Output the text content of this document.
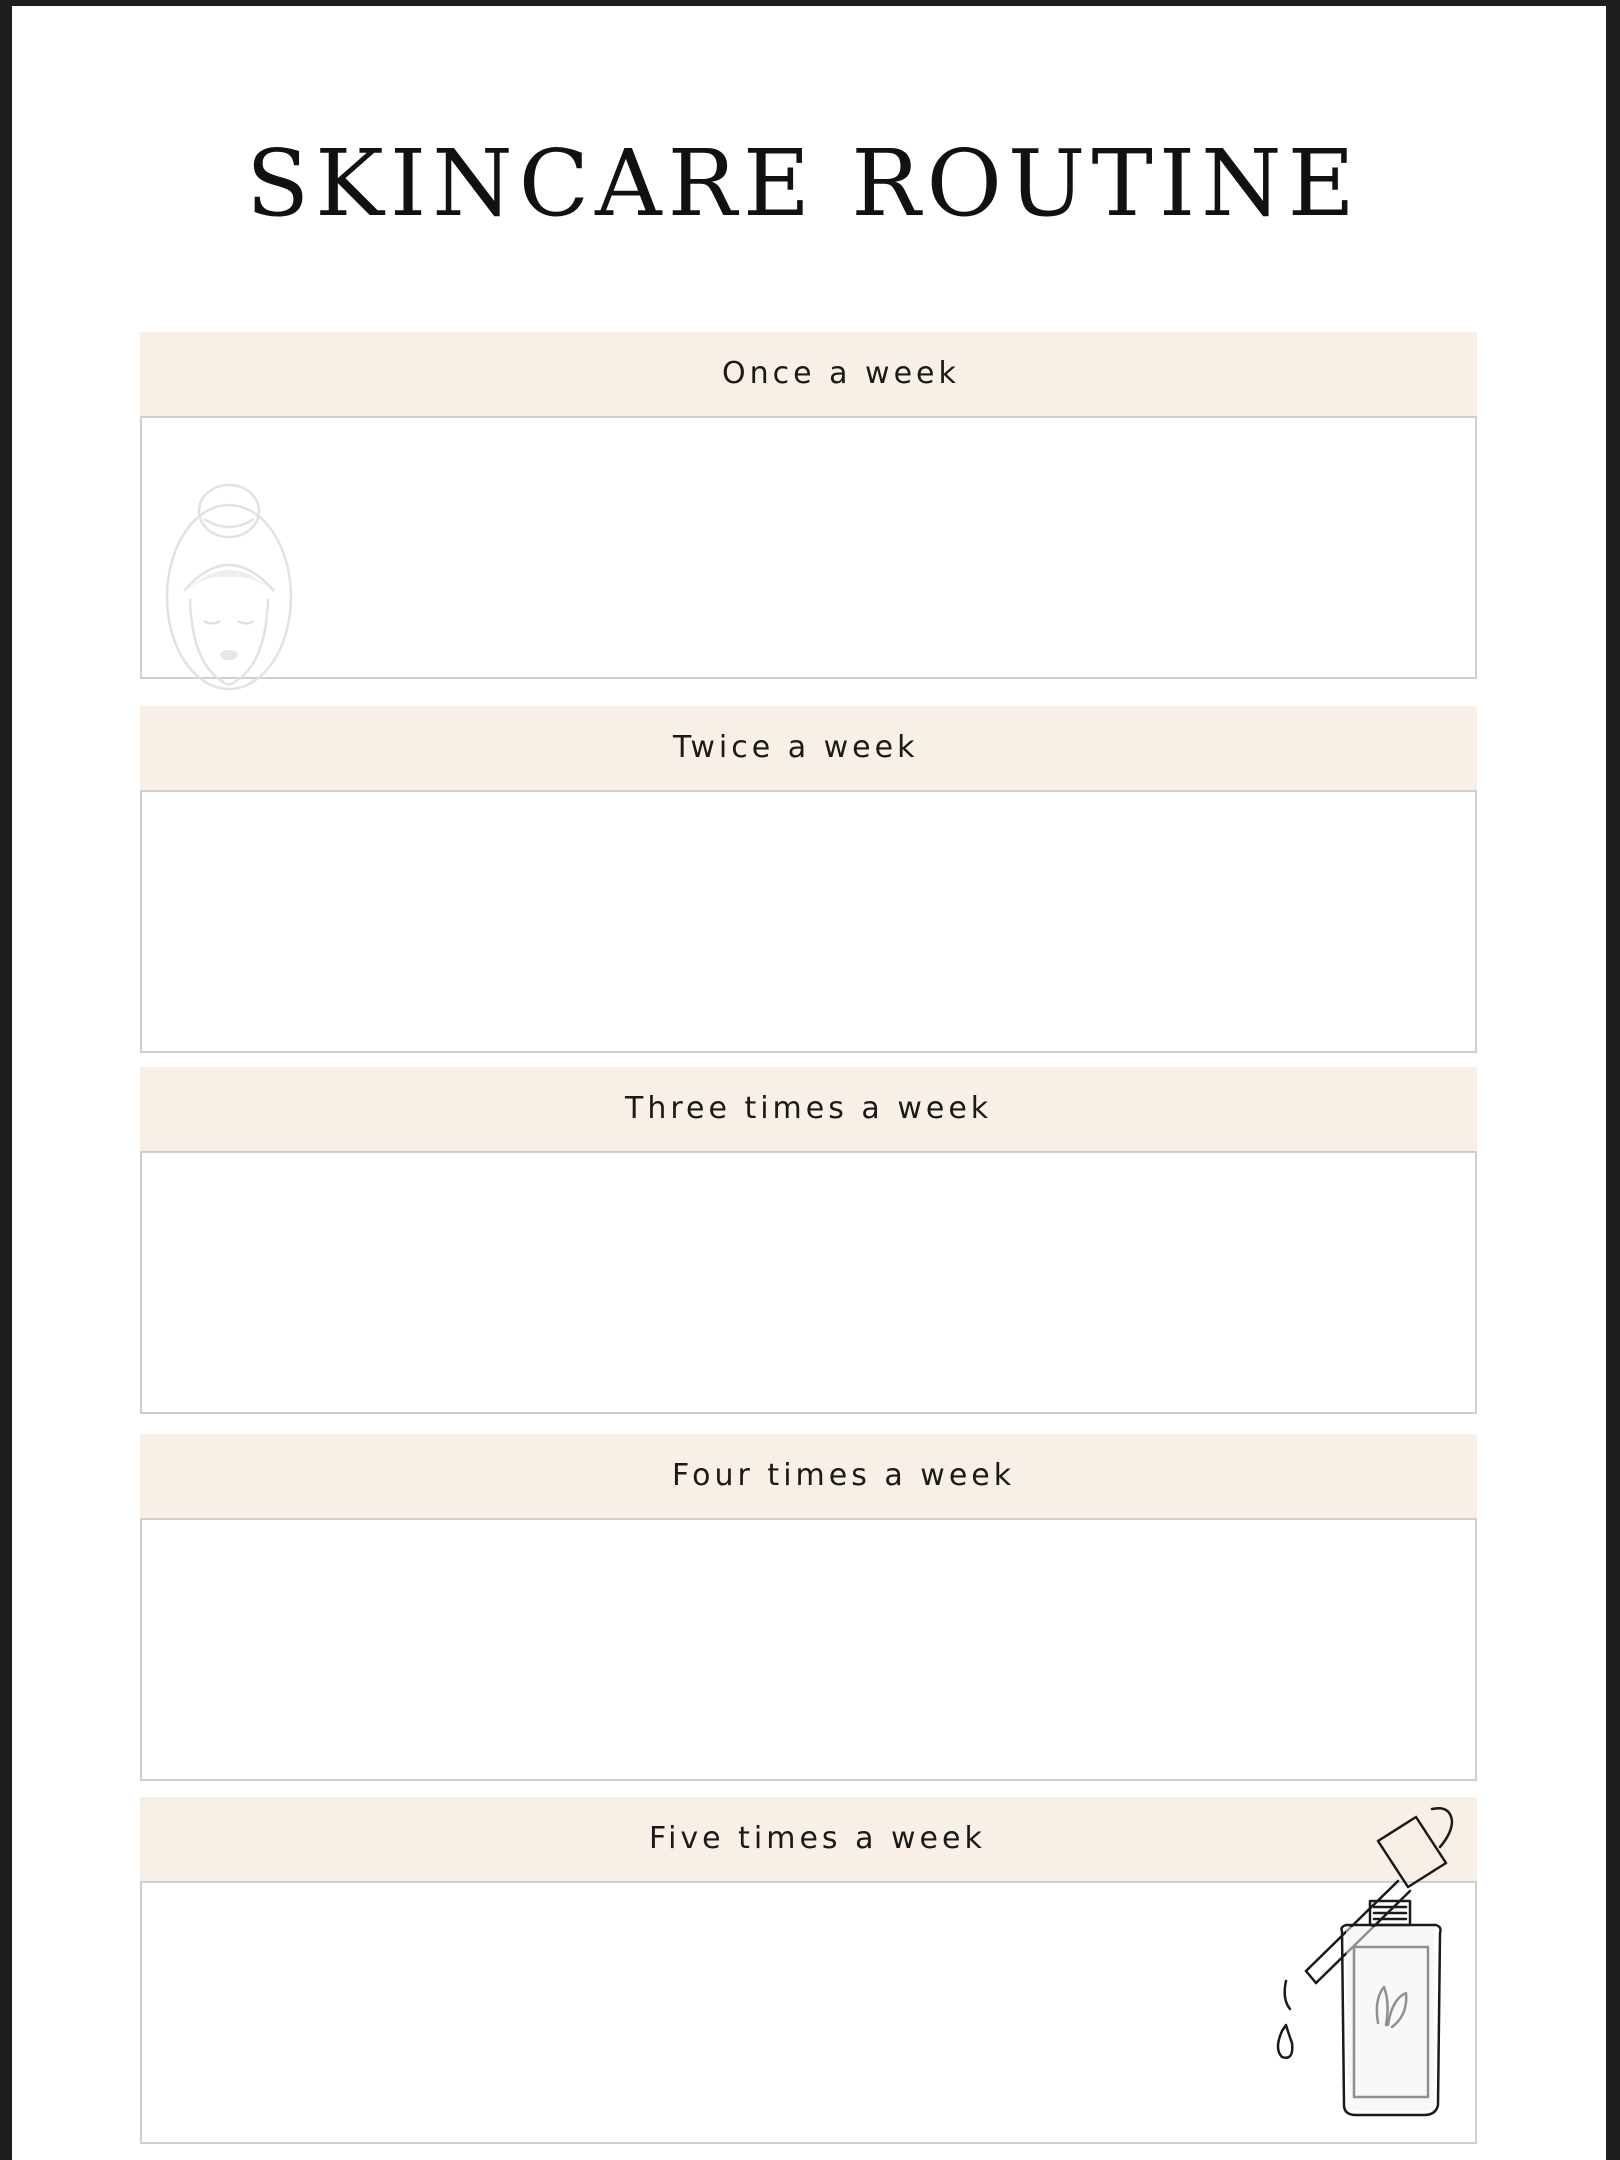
SKINCARE ROUTINE
Once a week
Twice a week
Three times a week
Four times a week
Five times a week
